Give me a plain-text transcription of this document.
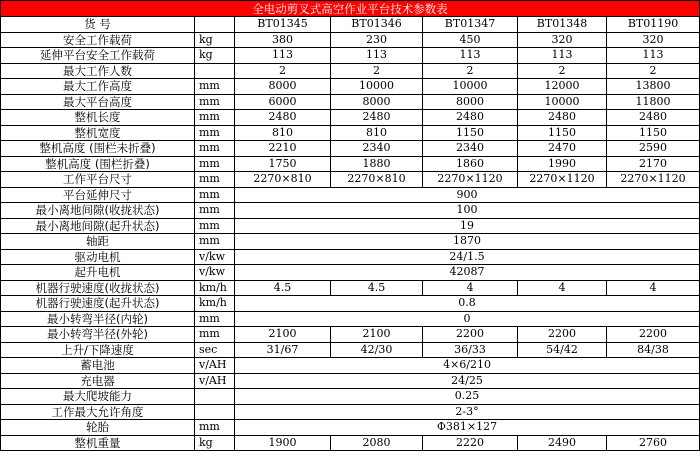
全电动剪叉式高空作业平台技术参数表						
货 号		BT01345	BT01346	BT01347	BT01348	BT01190
安全工作载荷	kg	380	230	450	320	320
延伸平台安全工作载荷	kg	113	113	113	113	113
最大工作人数		2	2	2	2	2
最大工作高度	mm	8000	10000	10000	12000	13800
最大平台高度	mm	6000	8000	8000	10000	11800
整机长度	mm	2480	2480	2480	2480	2480
整机宽度	mm	810	810	1150	1150	1150
整机高度 (围栏未折叠)	mm	2210	2340	2340	2470	2590
整机高度 (围栏折叠)	mm	1750	1880	1860	1990	2170
工作平台尺寸	mm	2270×810	2270×810	2270×1120	2270×1120	2270×1120
平台延伸尺寸	mm	900				
最小离地间隙(收拢状态)	mm	100				
最小离地间隙(起升状态)	mm	19				
轴距	mm	1870				
驱动电机	v/kw	24/1.5				
起升电机	v/kw	42087				
机器行驶速度(收拢状态)	km/h	4.5	4.5	4	4	4
机器行驶速度(起升状态)	km/h	0.8				
最小转弯半径(内轮)	mm	0				
最小转弯半径(外轮)	mm	2100	2100	2200	2200	2200
上升/下降速度	sec	31/67	42/30	36/33	54/42	84/38
蓄电池	v/AH	4×6/210				
充电器	v/AH	24/25				
最大爬坡能力		0.25				
工作最大允许角度		2-3°				
轮胎	mm	Φ381×127				
整机重量	kg	1900	2080	2220	2490	2760
